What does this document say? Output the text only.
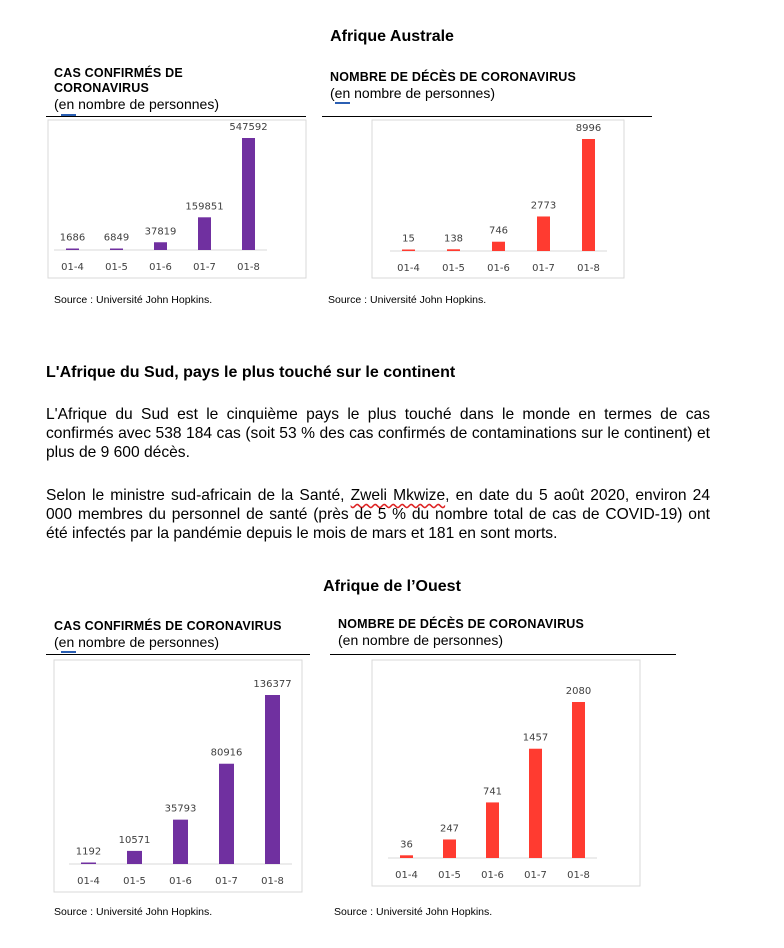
Afrique Australe
CAS CONFIRMÉS DE
CORONAVIRUS
(en nombre de personnes)
NOMBRE DE DÉCÈS DE CORONAVIRUS
(en nombre de personnes)
1686
01-4
6849
01-5
37819
01-6
159851
01-7
547592
01-8
15
01-4
138
01-5
746
01-6
2773
01-7
8996
01-8
Source : Université John Hopkins.	Source : Université John Hopkins.
L'Afrique du Sud, pays le plus touché sur le continent
L'Afrique du Sud est le cinquième pays le plus touché dans le monde en termes de cas confirmés avec 538 184 cas (soit 53 % des cas confirmés de contaminations sur le continent) et plus de 9 600 décès.
Selon le ministre sud-africain de la Santé, Zweli Mkwize, en date du 5 août 2020, environ 24 000 membres du personnel de santé (près de 5 % du nombre total de cas de COVID-19) ont été infectés par la pandémie depuis le mois de mars et 181 en sont morts.
Afrique de l’Ouest
CAS CONFIRMÉS DE CORONAVIRUS
(en nombre de personnes)
NOMBRE DE DÉCÈS DE CORONAVIRUS
(en nombre de personnes)
1192
01-4
10571
01-5
35793
01-6
80916
01-7
136377
01-8
36
01-4
247
01-5
741
01-6
1457
01-7
2080
01-8
Source : Université John Hopkins.	Source : Université John Hopkins.
